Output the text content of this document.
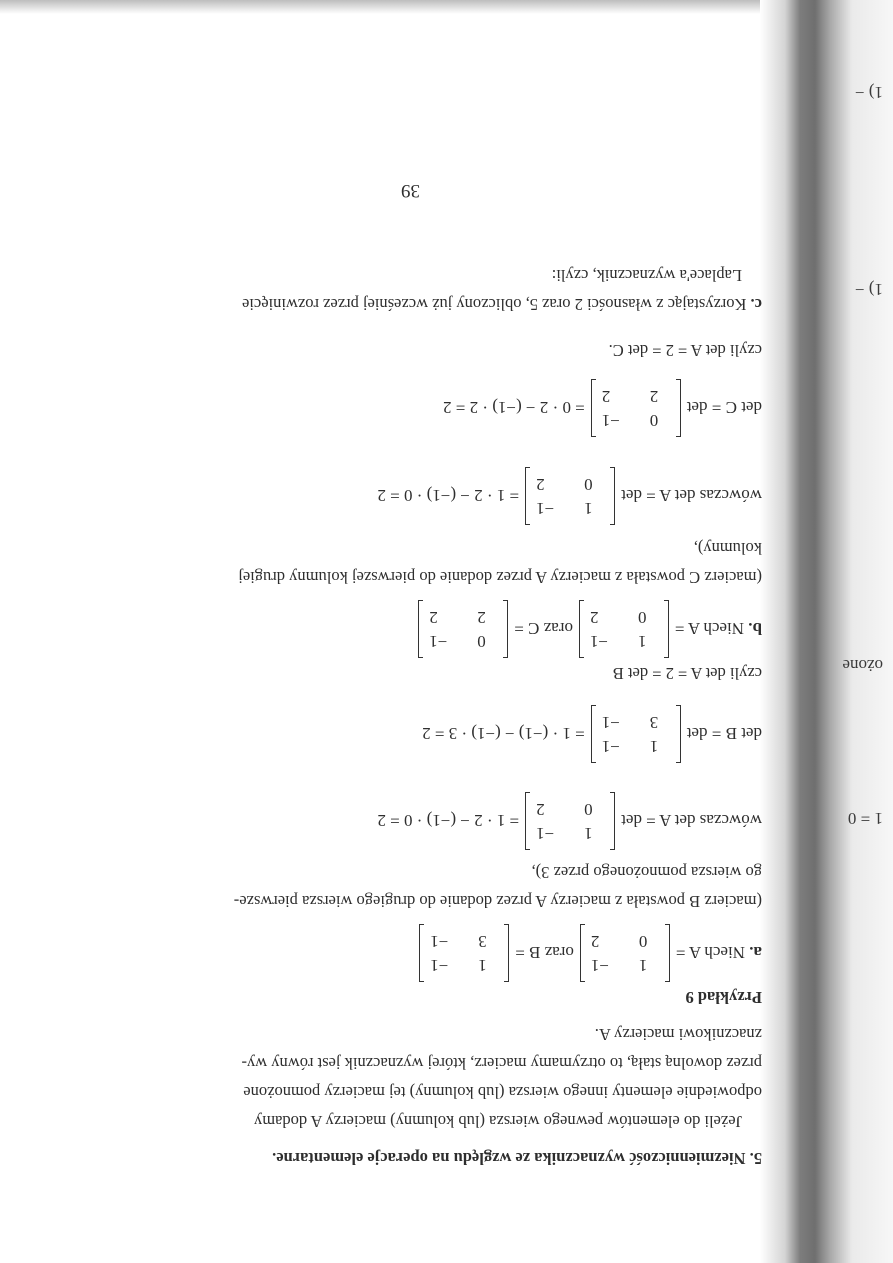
ożone
1 = 0
1) −
1) −
5. Niezmienniczość wyznacznika ze względu na operacje elementarne.
Jeżeli do elementów pewnego wiersza (lub kolumny) macierzy A dodamy
odpowiednie elementy innego wiersza (lub kolumny) tej macierzy pomnożone
przez dowolną stałą, to otrzymamy macierz, której wyznacznik jest równy wy-
znacznikowi macierzy A.
Przykład 9
a.

Niech A =
1
−1
0
2
oraz B =
1
−1
3
−1
(macierz B powstała z macierzy A przez dodanie do drugiego wiersza pierwsze-
go wiersza pomnożonego przez 3),
wówczas det A = det
1
−1
0
2
= 1 · 2 − (−1) · 0 = 2
det B = det
1
−1
3
−1
= 1 · (−1) − (−1) · 3 = 2
czyli det A = 2 = det B
b.

Niech A =
1
−1
0
2
oraz C =
0
−1
2
2
(macierz C powstała z macierzy A przez dodanie do pierwszej kolumny drugiej
kolumny),
wówczas det A = det
1
−1
0
2
= 1 · 2 − (−1) · 0 = 2
det C = det
0
−1
2
2
= 0 · 2 − (−1) · 2 = 2
czyli det A = 2 = det C.
c. Korzystając z własności 2 oraz 5, obliczony już wcześniej przez rozwinięcie
Laplace'a wyznacznik, czyli:
39
